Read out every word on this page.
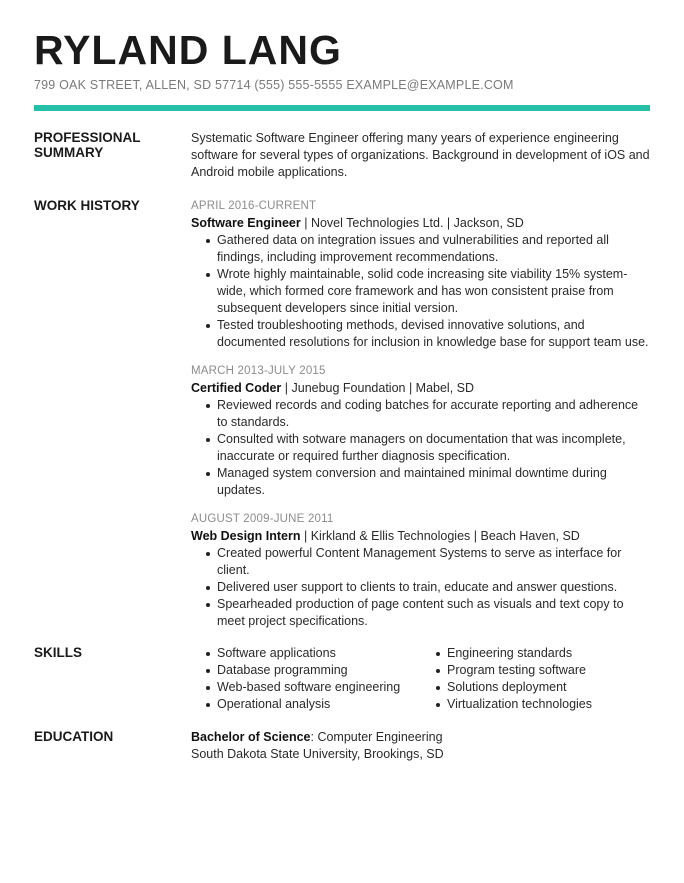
RYLAND LANG
799 OAK STREET, ALLEN, SD 57714 (555) 555-5555 EXAMPLE@EXAMPLE.COM
PROFESSIONAL
SUMMARY
Systematic Software Engineer offering many years of experience engineering software for several types of organizations. Background in development of iOS and Android mobile applications.
WORK HISTORY	APRIL 2016-CURRENT
Software Engineer | Novel Technologies Ltd. | Jackson, SD
Gathered data on integration issues and vulnerabilities and reported all findings, including improvement recommendations.
Wrote highly maintainable, solid code increasing site viability 15% system-wide, which formed core framework and has won consistent praise from subsequent developers since initial version.
Tested troubleshooting methods, devised innovative solutions, and documented resolutions for inclusion in knowledge base for support team use.
MARCH 2013-JULY 2015
Certified Coder | Junebug Foundation | Mabel, SD
Reviewed records and coding batches for accurate reporting and adherence to standards.
Consulted with sotware managers on documentation that was incomplete, inaccurate or required further diagnosis specification.
Managed system conversion and maintained minimal downtime during updates.
AUGUST 2009-JUNE 2011
Web Design Intern | Kirkland & Ellis Technologies | Beach Haven, SD
Created powerful Content Management Systems to serve as interface for client.
Delivered user support to clients to train, educate and answer questions.
Spearheaded production of page content such as visuals and text copy to meet project specifications.
SKILLS	Software applications
Database programming
Web-based software engineering
Operational analysis
Engineering standards
Program testing software
Solutions deployment
Virtualization technologies
EDUCATION	Bachelor of Science: Computer Engineering
South Dakota State University, Brookings, SD
